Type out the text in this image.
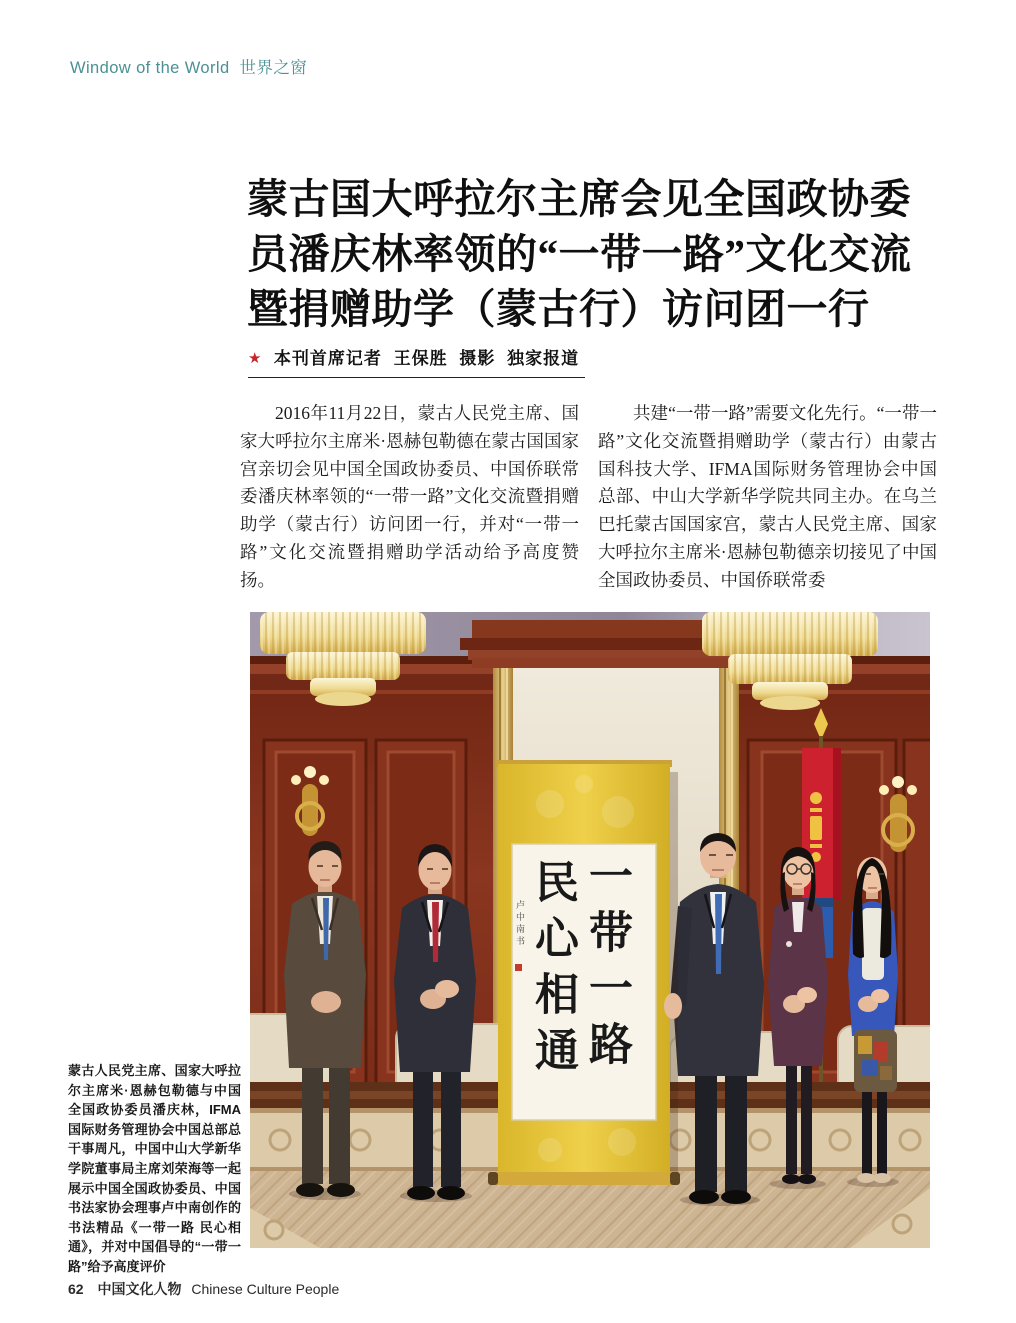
Window of the World 世界之窗
蒙古国大呼拉尔主席会见全国政协委
员潘庆林率领的“一带一路”文化交流
暨捐赠助学（蒙古行）访问团一行
★ 本刊首席记者 王保胜 摄影 独家报道
2016年11月22日，蒙古人民党主席、国家大呼拉尔主席米·恩赫包勒德在蒙古国国家宫亲切会见中国全国政协委员、中国侨联常委潘庆林率领的“一带一路”文化交流暨捐赠助学（蒙古行）访问团一行，并对“一带一路”文化交流暨捐赠助学活动给予高度赞扬。
共建“一带一路”需要文化先行。“一带一路”文化交流暨捐赠助学（蒙古行）由蒙古国科技大学、IFMA国际财务管理协会中国总部、中山大学新华学院共同主办。在乌兰巴托蒙古国国家宫，蒙古人民党主席、国家大呼拉尔主席米·恩赫包勒德亲切接见了中国全国政协委员、中国侨联常委
一带一路
民心相通
卢中南书
蒙古人民党主席、国家大呼拉尔主席米·恩赫包勒德与中国全国政协委员潘庆林，IFMA国际财务管理协会中国总部总干事周凡，中国中山大学新华学院董事局主席刘荣海等一起展示中国全国政协委员、中国书法家协会理事卢中南创作的书法精品《一带一路 民心相通》，并对中国倡导的“一带一路”给予高度评价
62 中国文化人物 Chinese Culture People
